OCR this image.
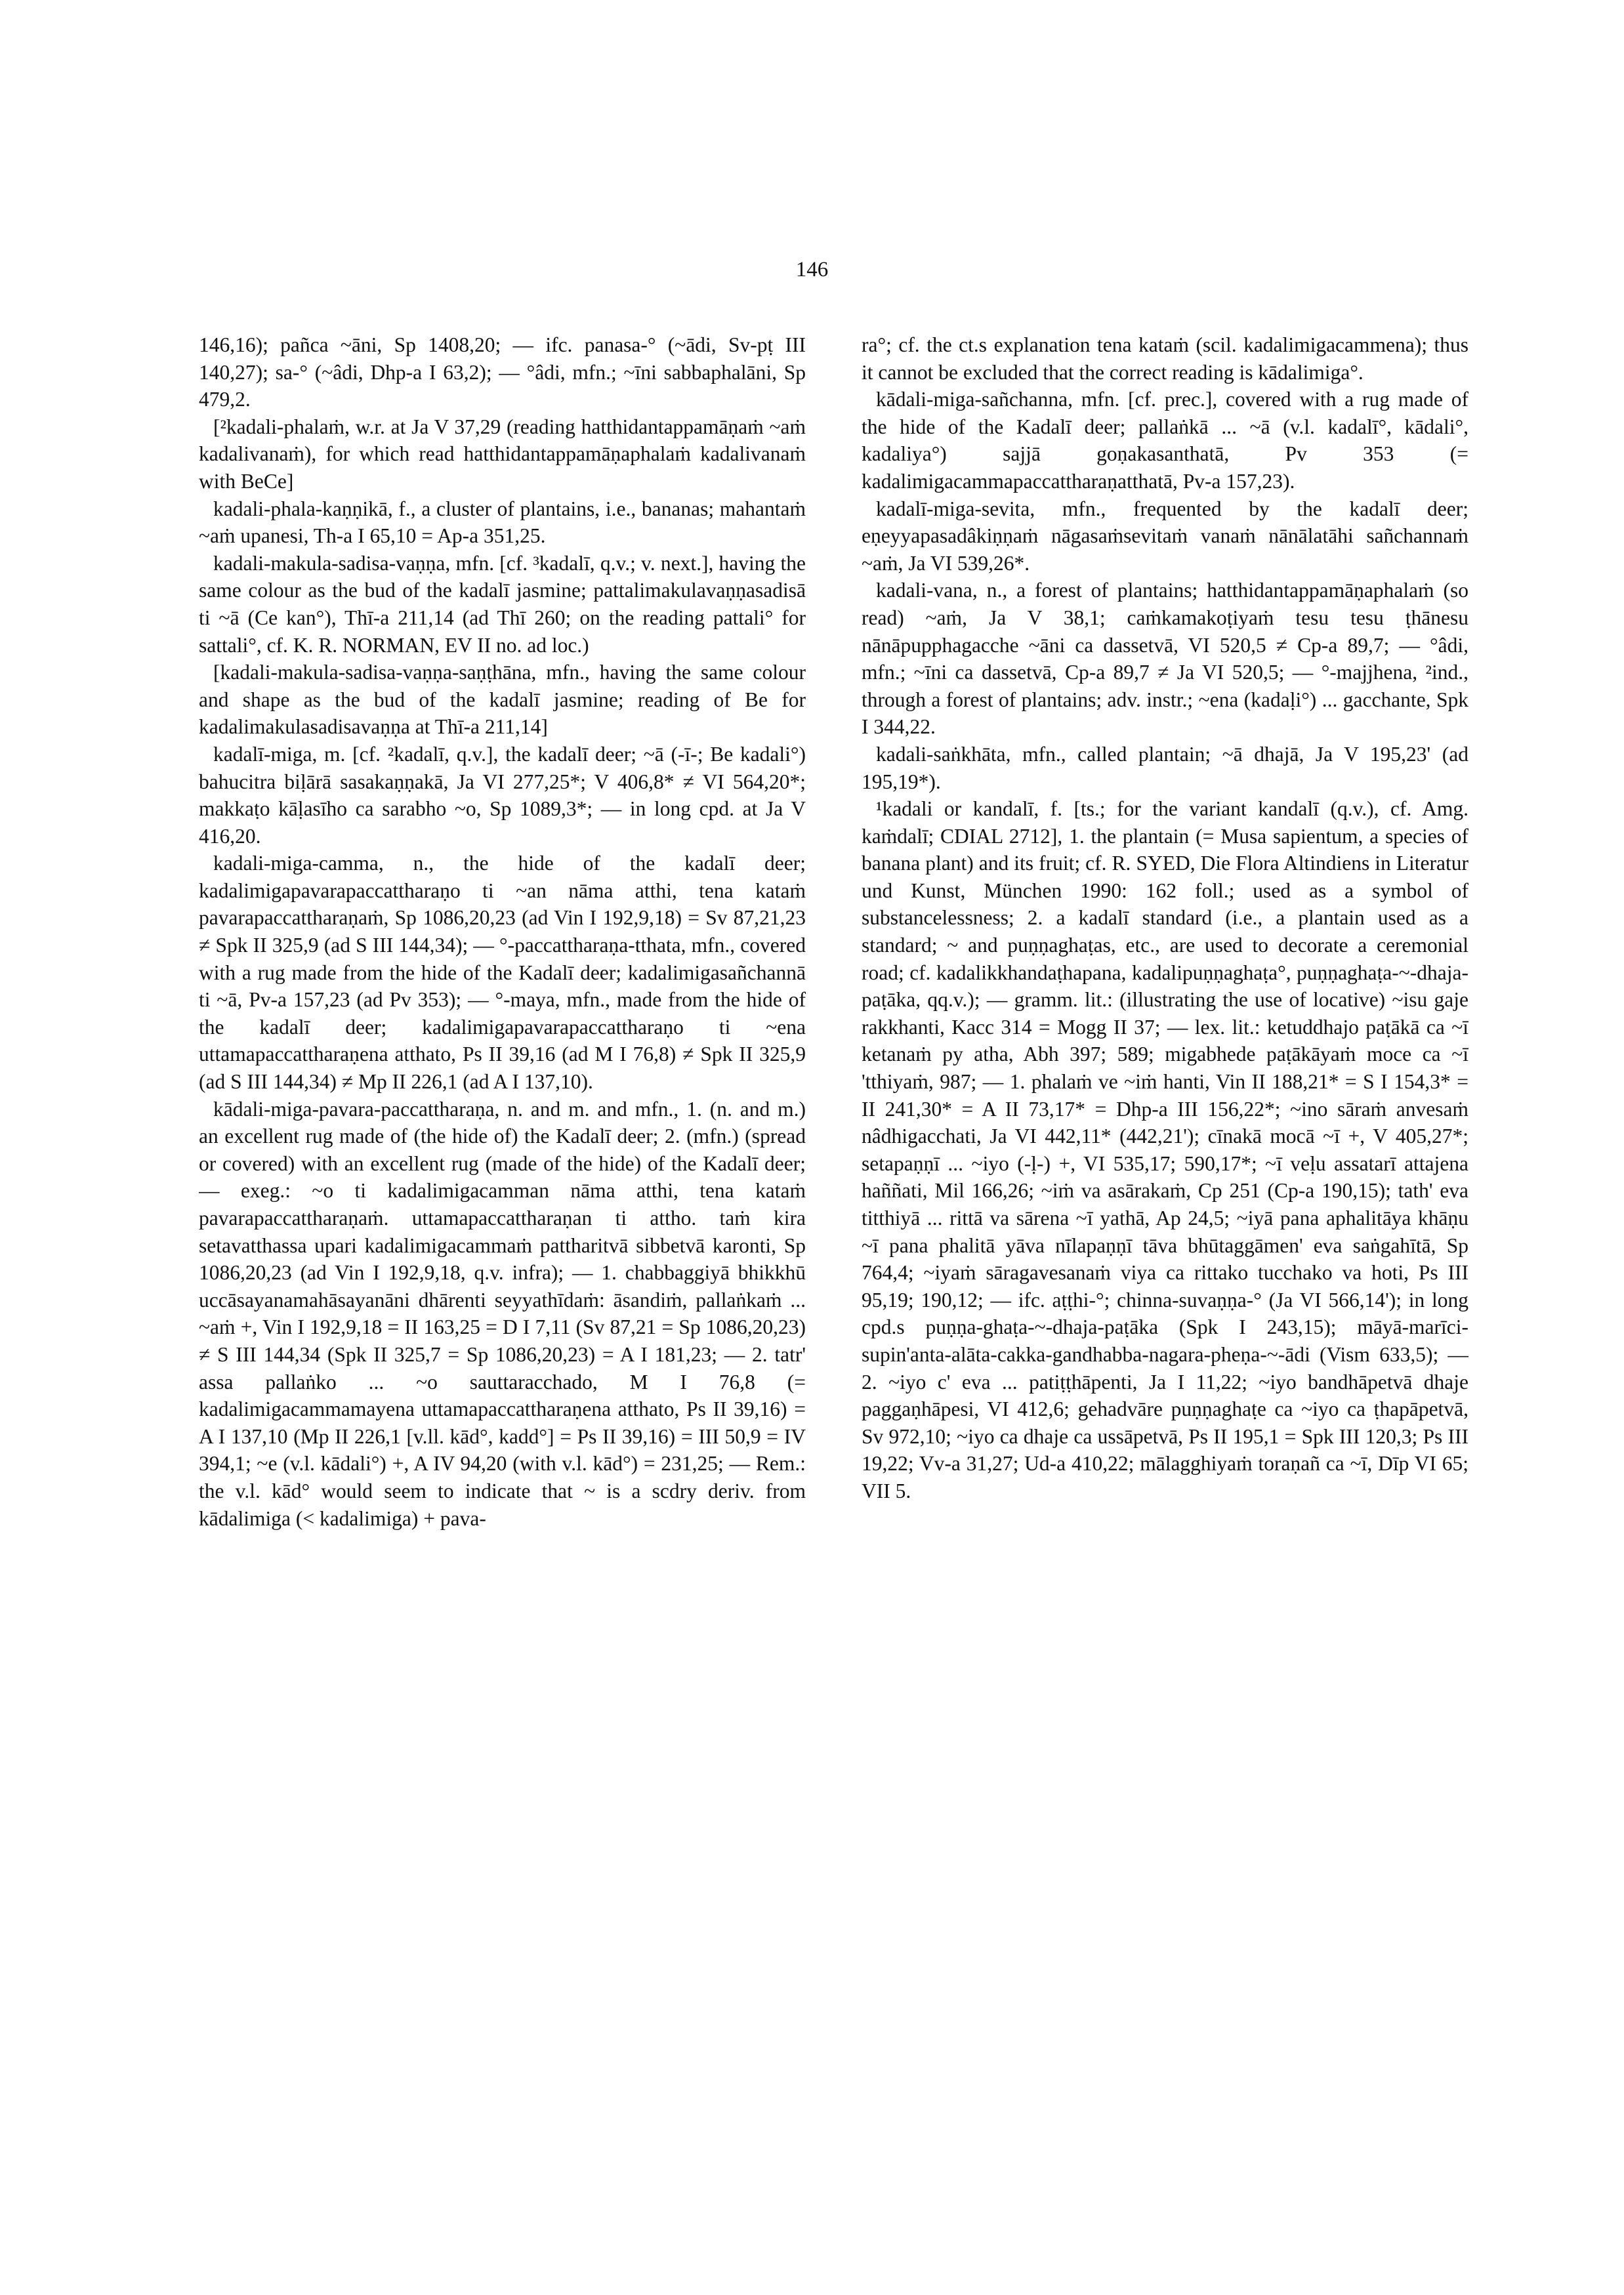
146

146,16); pañca ~āni, Sp 1408,20; — ifc. panasa-° (~ādi, Sv-pṭ III 140,27); sa-° (~âdi, Dhp-a I 63,2); — °âdi, mfn.; ~īni sabbaphalāni, Sp 479,2.

[²kadali-phalaṁ, w.r. at Ja V 37,29 (reading hatthidantappamāṇaṁ ~aṁ kadalivanaṁ), for which read hatthidantappamāṇaphalaṁ kadalivanaṁ with BeCe]

kadali-phala-kaṇṇikā, f., a cluster of plantains, i.e., bananas; mahantaṁ ~aṁ upanesi, Th-a I 65,10 = Ap-a 351,25.

kadali-makula-sadisa-vaṇṇa, mfn. [cf. ³kadalī, q.v.; v. next.], having the same colour as the bud of the kadalī jasmine; pattalimakulavaṇṇasadisā ti ~ā (Ce kan°), Thī-a 211,14 (ad Thī 260; on the reading pattali° for sattali°, cf. K. R. NORMAN, EV II no. ad loc.)

[kadali-makula-sadisa-vaṇṇa-saṇṭhāna, mfn., having the same colour and shape as the bud of the kadalī jasmine; reading of Be for kadalimakulasadisavaṇṇa at Thī-a 211,14]

kadalī-miga, m. [cf. ²kadalī, q.v.], the kadalī deer; ~ā (-ī-; Be kadali°) bahucitra biḷārā sasakaṇṇakā, Ja VI 277,25*; V 406,8* ≠ VI 564,20*; makkaṭo kāḷasīho ca sarabho ~o, Sp 1089,3*; — in long cpd. at Ja V 416,20.

kadali-miga-camma, n., the hide of the kadalī deer; kadalimigapavarapaccattharaṇo ti ~an nāma atthi, tena kataṁ pavarapaccattharaṇaṁ, Sp 1086,20,23 (ad Vin I 192,9,18) = Sv 87,21,23 ≠ Spk II 325,9 (ad S III 144,34); — °-paccattharaṇa-tthata, mfn., covered with a rug made from the hide of the Kadalī deer; kadalimigasañchannā ti ~ā, Pv-a 157,23 (ad Pv 353); — °-maya, mfn., made from the hide of the kadalī deer; kadalimigapavarapaccattharaṇo ti ~ena uttamapaccattharaṇena atthato, Ps II 39,16 (ad M I 76,8) ≠ Spk II 325,9 (ad S III 144,34) ≠ Mp II 226,1 (ad A I 137,10).

kādali-miga-pavara-paccattharaṇa, n. and m. and mfn., 1. (n. and m.) an excellent rug made of (the hide of) the Kadalī deer; 2. (mfn.) (spread or covered) with an excellent rug (made of the hide) of the Kadalī deer; — exeg.: ~o ti kadalimigacamman nāma atthi, tena kataṁ pavarapaccattharaṇaṁ. uttamapaccattharaṇan ti attho. taṁ kira setavatthassa upari kadalimigacammaṁ pattharitvā sibbetvā karonti, Sp 1086,20,23 (ad Vin I 192,9,18, q.v. infra); — 1. chabbaggiyā bhikkhū uccāsayanamahāsayanāni dhārenti seyyathīdaṁ: āsandiṁ, pallaṅkaṁ ... ~aṁ +, Vin I 192,9,18 = II 163,25 = D I 7,11 (Sv 87,21 = Sp 1086,20,23) ≠ S III 144,34 (Spk II 325,7 = Sp 1086,20,23) = A I 181,23; — 2. tatr' assa pallaṅko ... ~o sauttaracchado, M I 76,8 (= kadalimigacammamayena uttamapaccattharaṇena atthato, Ps II 39,16) = A I 137,10 (Mp II 226,1 [v.ll. kād°, kadd°] = Ps II 39,16) = III 50,9 = IV 394,1; ~e (v.l. kādali°) +, A IV 94,20 (with v.l. kād°) = 231,25; — Rem.: the v.l. kād° would seem to indicate that ~ is a scdry deriv. from kādalimiga (< kadalimiga) + pava-

ra°; cf. the ct.s explanation tena kataṁ (scil. kadalimigacammena); thus it cannot be excluded that the correct reading is kādalimiga°.

kādali-miga-sañchanna, mfn. [cf. prec.], covered with a rug made of the hide of the Kadalī deer; pallaṅkā ... ~ā (v.l. kadalī°, kādali°, kadaliya°) sajjā goṇakasanthatā, Pv 353 (= kadalimigacammapaccattharaṇatthatā, Pv-a 157,23).

kadalī-miga-sevita, mfn., frequented by the kadalī deer; eṇeyyapasadâkiṇṇaṁ nāgasaṁsevitaṁ vanaṁ nānālatāhi sañchannaṁ ~aṁ, Ja VI 539,26*.

kadali-vana, n., a forest of plantains; hatthidantappamāṇaphalaṁ (so read) ~aṁ, Ja V 38,1; caṁkamakoṭiyaṁ tesu tesu ṭhānesu nānāpupphagacche ~āni ca dassetvā, VI 520,5 ≠ Cp-a 89,7; — °âdi, mfn.; ~īni ca dassetvā, Cp-a 89,7 ≠ Ja VI 520,5; — °-majjhena, ²ind., through a forest of plantains; adv. instr.; ~ena (kadaḷi°) ... gacchante, Spk I 344,22.

kadali-saṅkhāta, mfn., called plantain; ~ā dhajā, Ja V 195,23' (ad 195,19*).

¹kadali or kandalī, f. [ts.; for the variant kandalī (q.v.), cf. Amg. kaṁdalī; CDIAL 2712], 1. the plantain (= Musa sapientum, a species of banana plant) and its fruit; cf. R. SYED, Die Flora Altindiens in Literatur und Kunst, München 1990: 162 foll.; used as a symbol of substancelessness; 2. a kadalī standard (i.e., a plantain used as a standard; ~ and puṇṇaghaṭas, etc., are used to decorate a ceremonial road; cf. kadalikkhandaṭhapana, kadalipuṇṇaghaṭa°, puṇṇaghaṭa-~-dhaja-paṭāka, qq.v.); — gramm. lit.: (illustrating the use of locative) ~isu gaje rakkhanti, Kacc 314 = Mogg II 37; — lex. lit.: ketuddhajo paṭākā ca ~ī ketanaṁ py atha, Abh 397; 589; migabhede paṭākāyaṁ moce ca ~ī 'tthiyaṁ, 987; — 1. phalaṁ ve ~iṁ hanti, Vin II 188,21* = S I 154,3* = II 241,30* = A II 73,17* = Dhp-a III 156,22*; ~ino sāraṁ anvesaṁ nâdhigacchati, Ja VI 442,11* (442,21'); cīnakā mocā ~ī +, V 405,27*; setapaṇṇī ... ~iyo (-ḷ-) +, VI 535,17; 590,17*; ~ī veḷu assatarī attajena haññati, Mil 166,26; ~iṁ va asārakaṁ, Cp 251 (Cp-a 190,15); tath' eva titthiyā ... rittā va sārena ~ī yathā, Ap 24,5; ~iyā pana aphalitāya khāṇu ~ī pana phalitā yāva nīlapaṇṇī tāva bhūtaggāmen' eva saṅgahītā, Sp 764,4; ~iyaṁ sāragavesanaṁ viya ca rittako tucchako va hoti, Ps III 95,19; 190,12; — ifc. aṭṭhi-°; chinna-suvaṇṇa-° (Ja VI 566,14'); in long cpd.s puṇṇa-ghaṭa-~-dhaja-paṭāka (Spk I 243,15); māyā-marīci-supin'anta-alāta-cakka-gandhabba-nagara-pheṇa-~-ādi (Vism 633,5); — 2. ~iyo c' eva ... patiṭṭhāpenti, Ja I 11,22; ~iyo bandhāpetvā dhaje paggaṇhāpesi, VI 412,6; gehadvāre puṇṇaghaṭe ca ~iyo ca ṭhapāpetvā, Sv 972,10; ~iyo ca dhaje ca ussāpetvā, Ps II 195,1 = Spk III 120,3; Ps III 19,22; Vv-a 31,27; Ud-a 410,22; mālagghiyaṁ toraṇañ ca ~ī, Dīp VI 65; VII 5.
